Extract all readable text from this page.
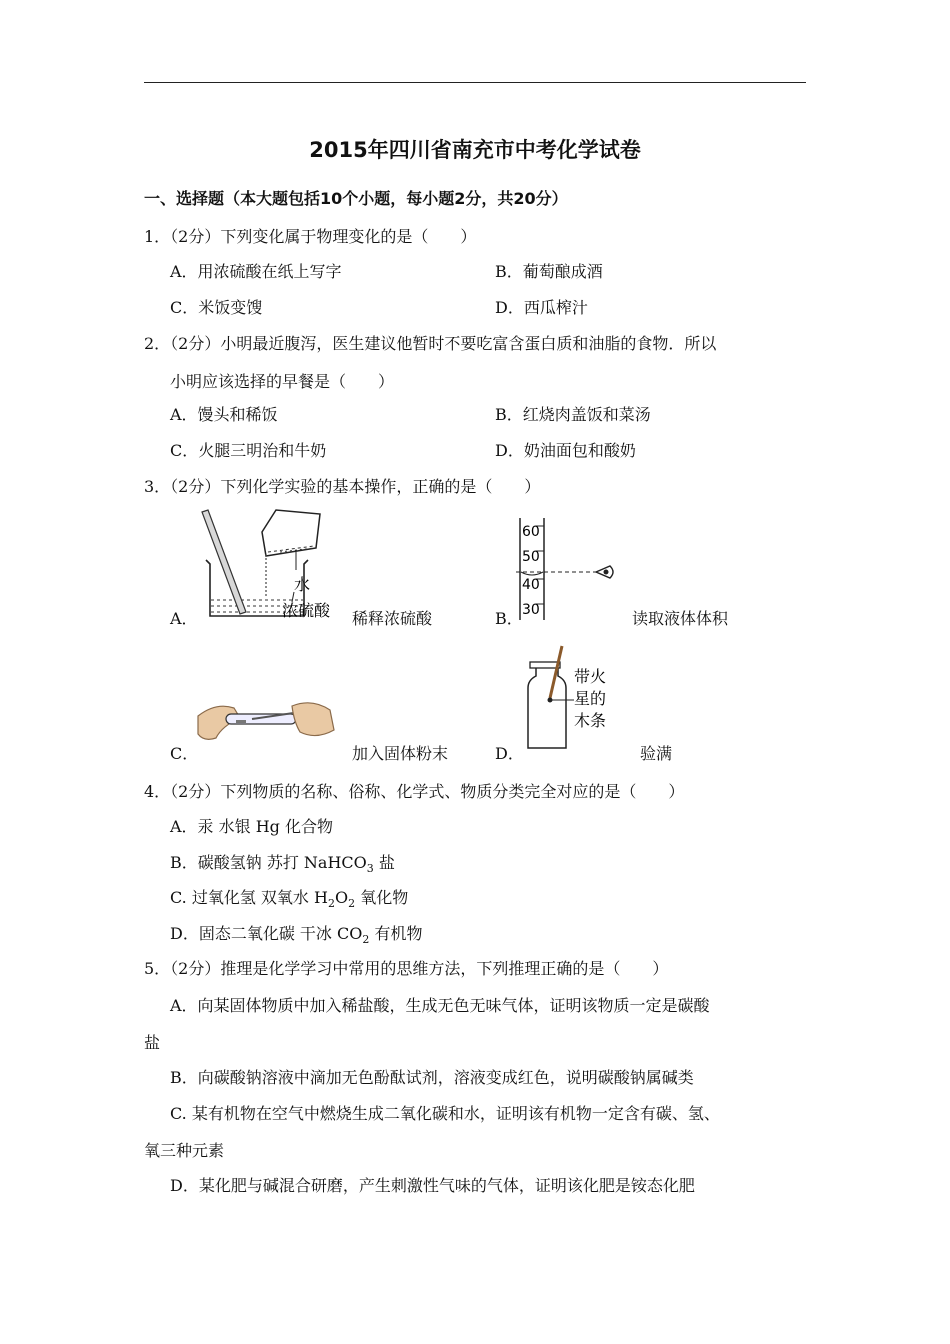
2015年四川省南充市中考化学试卷
一、选择题（本大题包括10个小题，每小题2分，共20分）
1．（2分）下列变化属于物理变化的是（　　）
A．用浓硫酸在纸上写字	B．葡萄酿成酒
C．米饭变馊	D．西瓜榨汁
2．（2分）小明最近腹泻，医生建议他暂时不要吃富含蛋白质和油脂的食物．所以
小明应该选择的早餐是（　　）
A．馒头和稀饭	B．红烧肉盖饭和菜汤
C．火腿三明治和牛奶	D．奶油面包和酸奶
3．（2分）下列化学实验的基本操作，正确的是（　　）
A．
水
浓硫酸 稀释浓硫酸	B．
60
50
40
30	读取液体体积
C．	加入固体粉末	D．
带火
星的
木条
验满
4．（2分）下列物质的名称、俗称、化学式、物质分类完全对应的是（　　）
A．汞 水银 Hg 化合物
B．碳酸氢钠 苏打 NaHCO$_3$ 盐
C. 过氧化氢 双氧水 $H_2O_2$ 氧化物
D．固态二氧化碳 干冰 $CO_2$ 有机物
5．（2分）推理是化学学习中常用的思维方法，下列推理正确的是（　　）
A．向某固体物质中加入稀盐酸，生成无色无味气体，证明该物质一定是碳酸
盐
B．向碳酸钠溶液中滴加无色酚酞试剂，溶液变成红色，说明碳酸钠属碱类
C. 某有机物在空气中燃烧生成二氧化碳和水，证明该有机物一定含有碳、氢、
氧三种元素
D．某化肥与碱混合研磨，产生刺激性气味的气体，证明该化肥是铵态化肥
